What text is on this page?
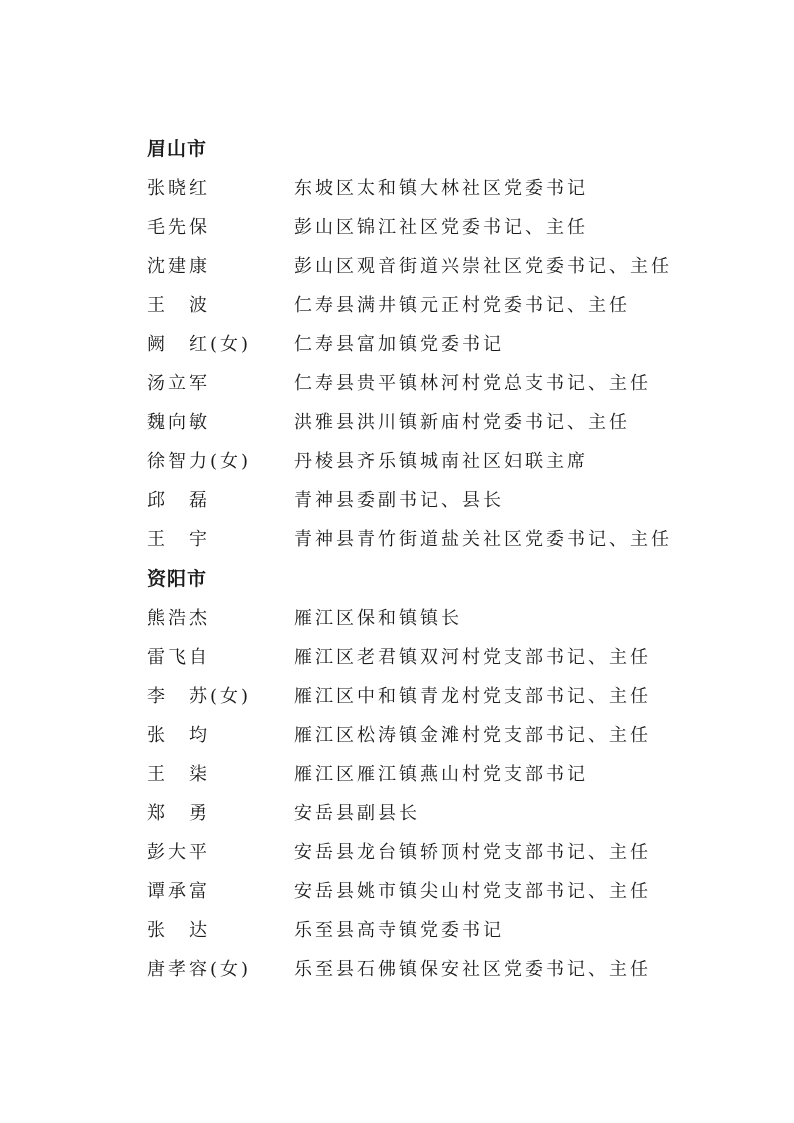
眉山市
张晓红	东坡区太和镇大林社区党委书记
毛先保	彭山区锦江社区党委书记、主任
沈建康	彭山区观音街道兴崇社区党委书记、主任
王　波	仁寿县满井镇元正村党委书记、主任
阙　红(女)	仁寿县富加镇党委书记
汤立军	仁寿县贵平镇林河村党总支书记、主任
魏向敏	洪雅县洪川镇新庙村党委书记、主任
徐智力(女)	丹棱县齐乐镇城南社区妇联主席
邱　磊	青神县委副书记、县长
王　宇	青神县青竹街道盐关社区党委书记、主任
资阳市
熊浩杰	雁江区保和镇镇长
雷飞自	雁江区老君镇双河村党支部书记、主任
李　苏(女)	雁江区中和镇青龙村党支部书记、主任
张　均	雁江区松涛镇金滩村党支部书记、主任
王　柒	雁江区雁江镇燕山村党支部书记
郑　勇	安岳县副县长
彭大平	安岳县龙台镇轿顶村党支部书记、主任
谭承富	安岳县姚市镇尖山村党支部书记、主任
张　达	乐至县高寺镇党委书记
唐孝容(女)	乐至县石佛镇保安社区党委书记、主任
